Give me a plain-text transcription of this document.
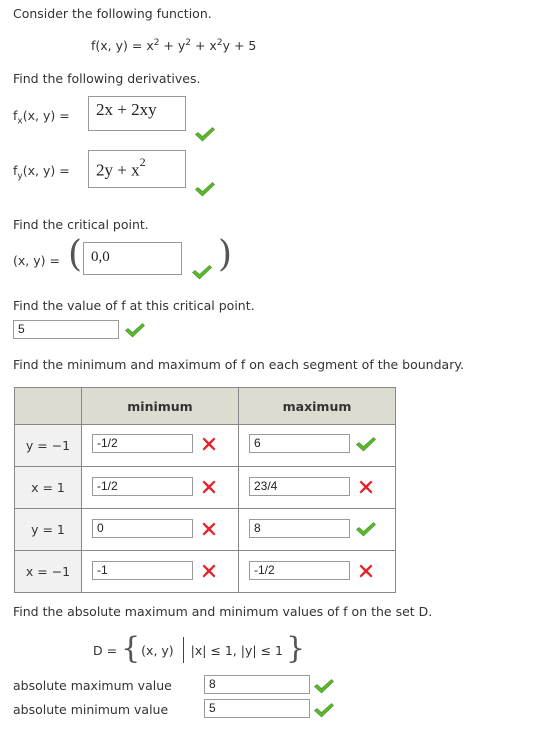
Consider the following function.
f(x, $y) = x^2 + y^2 + x^2y + 5$
Find the following derivatives.
$f_x(x$, y) =	2x + 2xy
$f_y(x$, y) =	$2y + x^2$
Find the critical point.
(x, y) = ( 0,0	)
Find the value of f at this critical point.
5
Find the minimum and maximum of f on each segment of the boundary.
	minimum	maximum
y = −1	-1/2	6

x = 1	-1/2	23/4

y = 1	0	8

x = −1	-1	-1/2
Find the absolute maximum and minimum values of f on the set D.
D = { (x, y) |x| ≤ 1, |y| ≤ 1 }
absolute maximum value	8
absolute minimum value	5
